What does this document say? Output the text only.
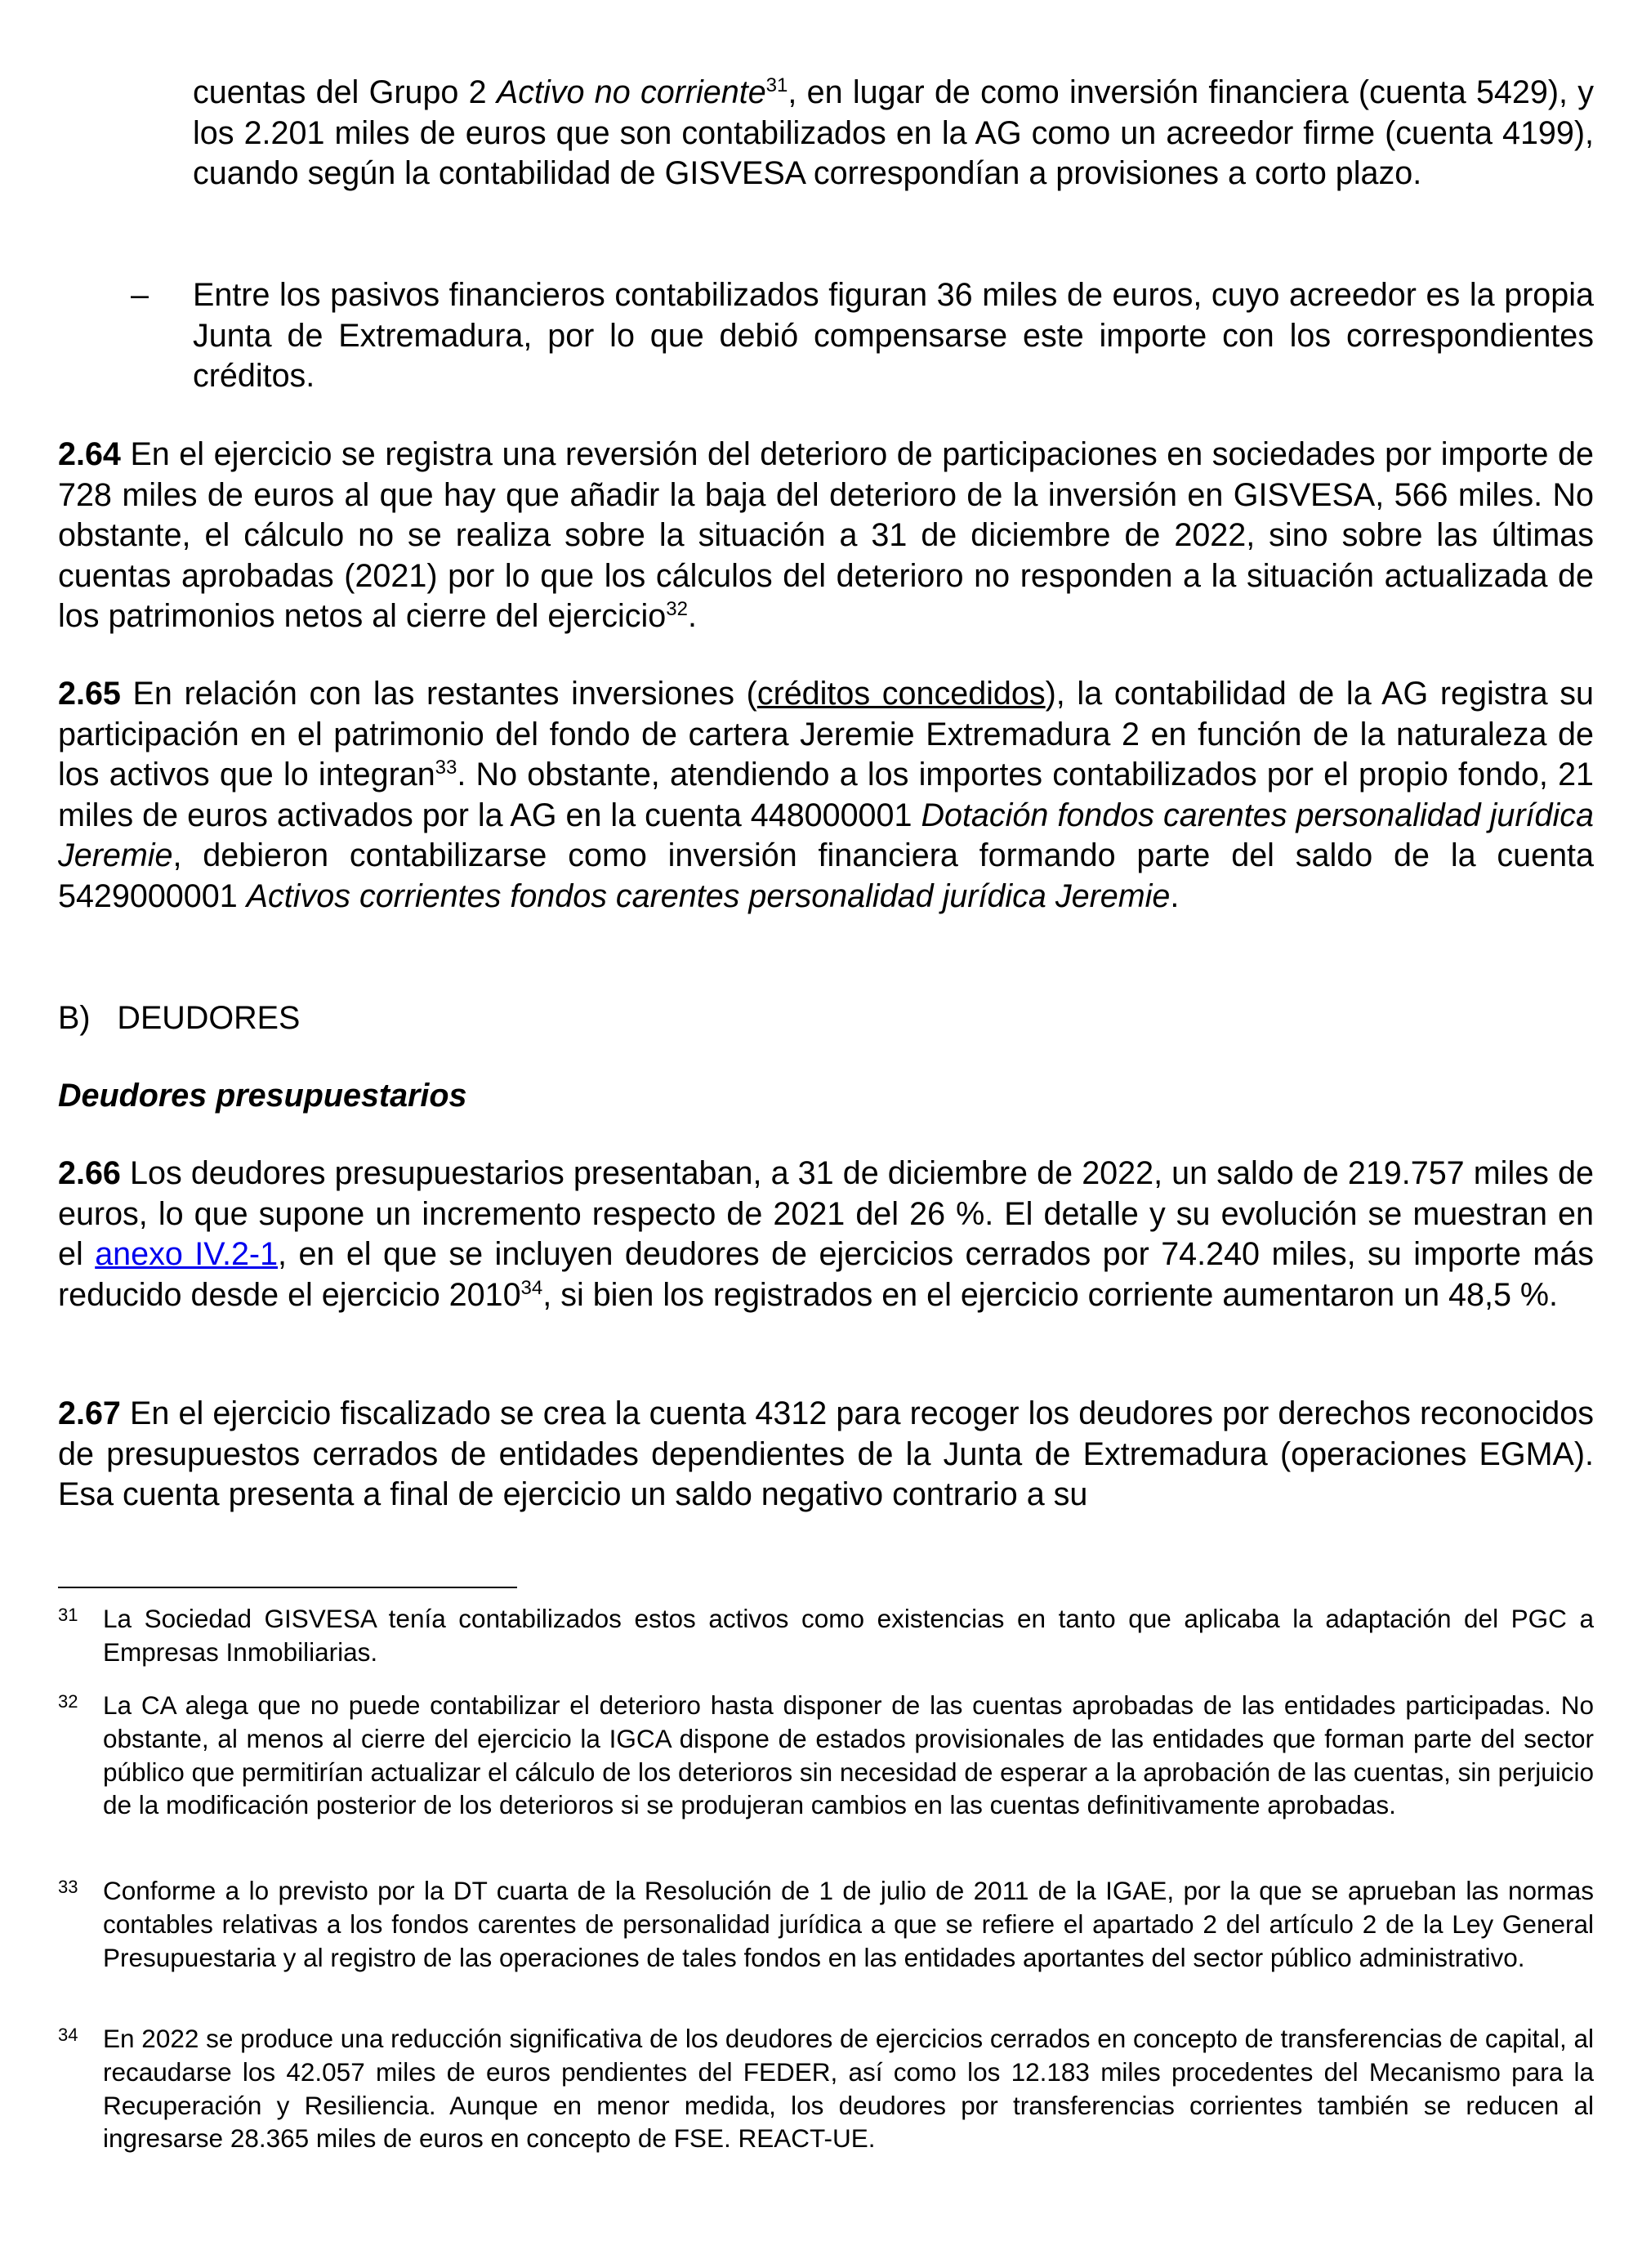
cuentas del Grupo 2 Activo no corriente$^{31}$, en lugar de como inversión financiera (cuenta 5429), y los 2.201 miles de euros que son contabilizados en la AG como un acreedor firme (cuenta 4199), cuando según la contabilidad de GISVESA correspondían a provisiones a corto plazo.

– Entre los pasivos financieros contabilizados figuran 36 miles de euros, cuyo acreedor es la propia Junta de Extremadura, por lo que debió compensarse este importe con los correspondientes créditos.

2.64 En el ejercicio se registra una reversión del deterioro de participaciones en sociedades por importe de 728 miles de euros al que hay que añadir la baja del deterioro de la inversión en GISVESA, 566 miles. No obstante, el cálculo no se realiza sobre la situación a 31 de diciembre de 2022, sino sobre las últimas cuentas aprobadas (2021) por lo que los cálculos del deterioro no responden a la situación actualizada de los patrimonios netos al cierre del ejercicio$^{32}$.

2.65 En relación con las restantes inversiones (créditos concedidos), la contabilidad de la AG registra su participación en el patrimonio del fondo de cartera Jeremie Extremadura 2 en función de la naturaleza de los activos que lo integran$^{33}$. No obstante, atendiendo a los importes contabilizados por el propio fondo, 21 miles de euros activados por la AG en la cuenta 448000001 Dotación fondos carentes personalidad jurídica Jeremie, debieron contabilizarse como inversión financiera formando parte del saldo de la cuenta 5429000001 Activos corrientes fondos carentes personalidad jurídica Jeremie.

B)   DEUDORES

Deudores presupuestarios

2.66 Los deudores presupuestarios presentaban, a 31 de diciembre de 2022, un saldo de 219.757 miles de euros, lo que supone un incremento respecto de 2021 del 26 %. El detalle y su evolución se muestran en el anexo IV.2-1, en el que se incluyen deudores de ejercicios cerrados por 74.240 miles, su importe más reducido desde el ejercicio 2010$^{34}$, si bien los registrados en el ejercicio corriente aumentaron un 48,5 %.

2.67 En el ejercicio fiscalizado se crea la cuenta 4312 para recoger los deudores por derechos reconocidos de presupuestos cerrados de entidades dependientes de la Junta de Extremadura (operaciones EGMA). Esa cuenta presenta a final de ejercicio un saldo negativo contrario a su

31 La Sociedad GISVESA tenía contabilizados estos activos como existencias en tanto que aplicaba la adaptación del PGC a Empresas Inmobiliarias.
32 La CA alega que no puede contabilizar el deterioro hasta disponer de las cuentas aprobadas de las entidades participadas. No obstante, al menos al cierre del ejercicio la IGCA dispone de estados provisionales de las entidades que forman parte del sector público que permitirían actualizar el cálculo de los deterioros sin necesidad de esperar a la aprobación de las cuentas, sin perjuicio de la modificación posterior de los deterioros si se produjeran cambios en las cuentas definitivamente aprobadas.
33 Conforme a lo previsto por la DT cuarta de la Resolución de 1 de julio de 2011 de la IGAE, por la que se aprueban las normas contables relativas a los fondos carentes de personalidad jurídica a que se refiere el apartado 2 del artículo 2 de la Ley General Presupuestaria y al registro de las operaciones de tales fondos en las entidades aportantes del sector público administrativo.
34 En 2022 se produce una reducción significativa de los deudores de ejercicios cerrados en concepto de transferencias de capital, al recaudarse los 42.057 miles de euros pendientes del FEDER, así como los 12.183 miles procedentes del Mecanismo para la Recuperación y Resiliencia. Aunque en menor medida, los deudores por transferencias corrientes también se reducen al ingresarse 28.365 miles de euros en concepto de FSE. REACT-UE.
